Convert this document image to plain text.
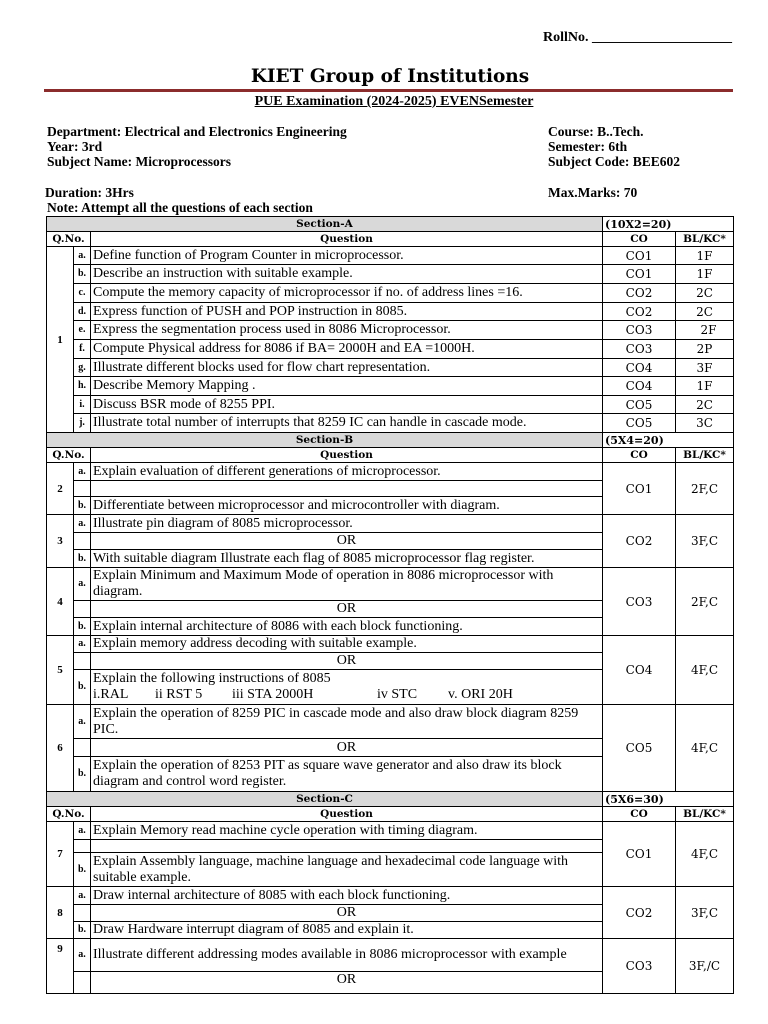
RollNo. ____________________
KIET Group of Institutions
PUE Examination (2024-2025) EVENSemester
Department: Electrical and Electronics Engineering
Year: 3rd
Subject Name: Microprocessors
Course: B..Tech.
Semester: 6th
Subject Code: BEE602
Duration: 3Hrs	Max.Marks: 70
Note: Attempt all the questions of each section
Section-A			(10X2=20)	
Q.No.		Question	CO	BL/KC*
1	a.	Define function of Program Counter in microprocessor.	CO1	1F
	b.	Describe an instruction with suitable example.	CO1	1F
	c.	Compute the memory capacity of microprocessor if no. of address lines =16.	CO2	2C
	d.	Express function of PUSH and POP instruction in 8085.	CO2	2C
	e.	Express the segmentation process used in 8086 Microprocessor.	CO3	2F
	f.	Compute Physical address for 8086 if BA= 2000H and EA =1000H.	CO3	2P
	g.	Illustrate different blocks used for flow chart representation.	CO4	3F
	h.	Describe Memory Mapping .	CO4	1F
	i.	Discuss BSR mode of 8255 PPI.	CO5	2C
	j.	Illustrate total number of interrupts that 8259 IC can handle in cascade mode.	CO5	3C
Section-B			(5X4=20)	
Q.No.		Question	CO	BL/KC*
2	a.	Explain evaluation of different generations of microprocessor.	CO1	2F,C

	b.	Differentiate between microprocessor and microcontroller with diagram.		
3	a.	Illustrate pin diagram of 8085 microprocessor.	CO2	3F,C
		OR		
	b.	With suitable diagram Illustrate each flag of 8085 microprocessor flag register.		
4	a.	Explain Minimum and Maximum Mode of operation in 8086 microprocessor with diagram.	CO3	2F,C
		OR		
	b.	Explain internal architecture of 8086 with each block functioning.		
5	a.	Explain memory address decoding with suitable example.	CO4	4F,C
		OR		
	b.	Explain the following instructions of 8085
i.RAL ii RST 5 iii STA 2000H iv STC v. ORI 20H		

6	a.	Explain the operation of 8259 PIC in cascade mode and also draw block diagram 8259 PIC.	CO5	4F,C
		OR		
	b.	Explain the operation of 8253 PIT as square wave generator and also draw its block diagram and control word register.		
Section-C			(5X6=30)	
Q.No.		Question	CO	BL/KC*
7	a.	Explain Memory read machine cycle operation with timing diagram.	CO1	4F,C

	b.	Explain Assembly language, machine language and hexadecimal code language with suitable example.		
8	a.	Draw internal architecture of 8085 with each block functioning.	CO2	3F,C
		OR		
	b.	Draw Hardware interrupt diagram of 8085 and explain it.		
9	a.	Illustrate different addressing modes available in 8086 microprocessor with example	CO3	3F,/C
		OR		
